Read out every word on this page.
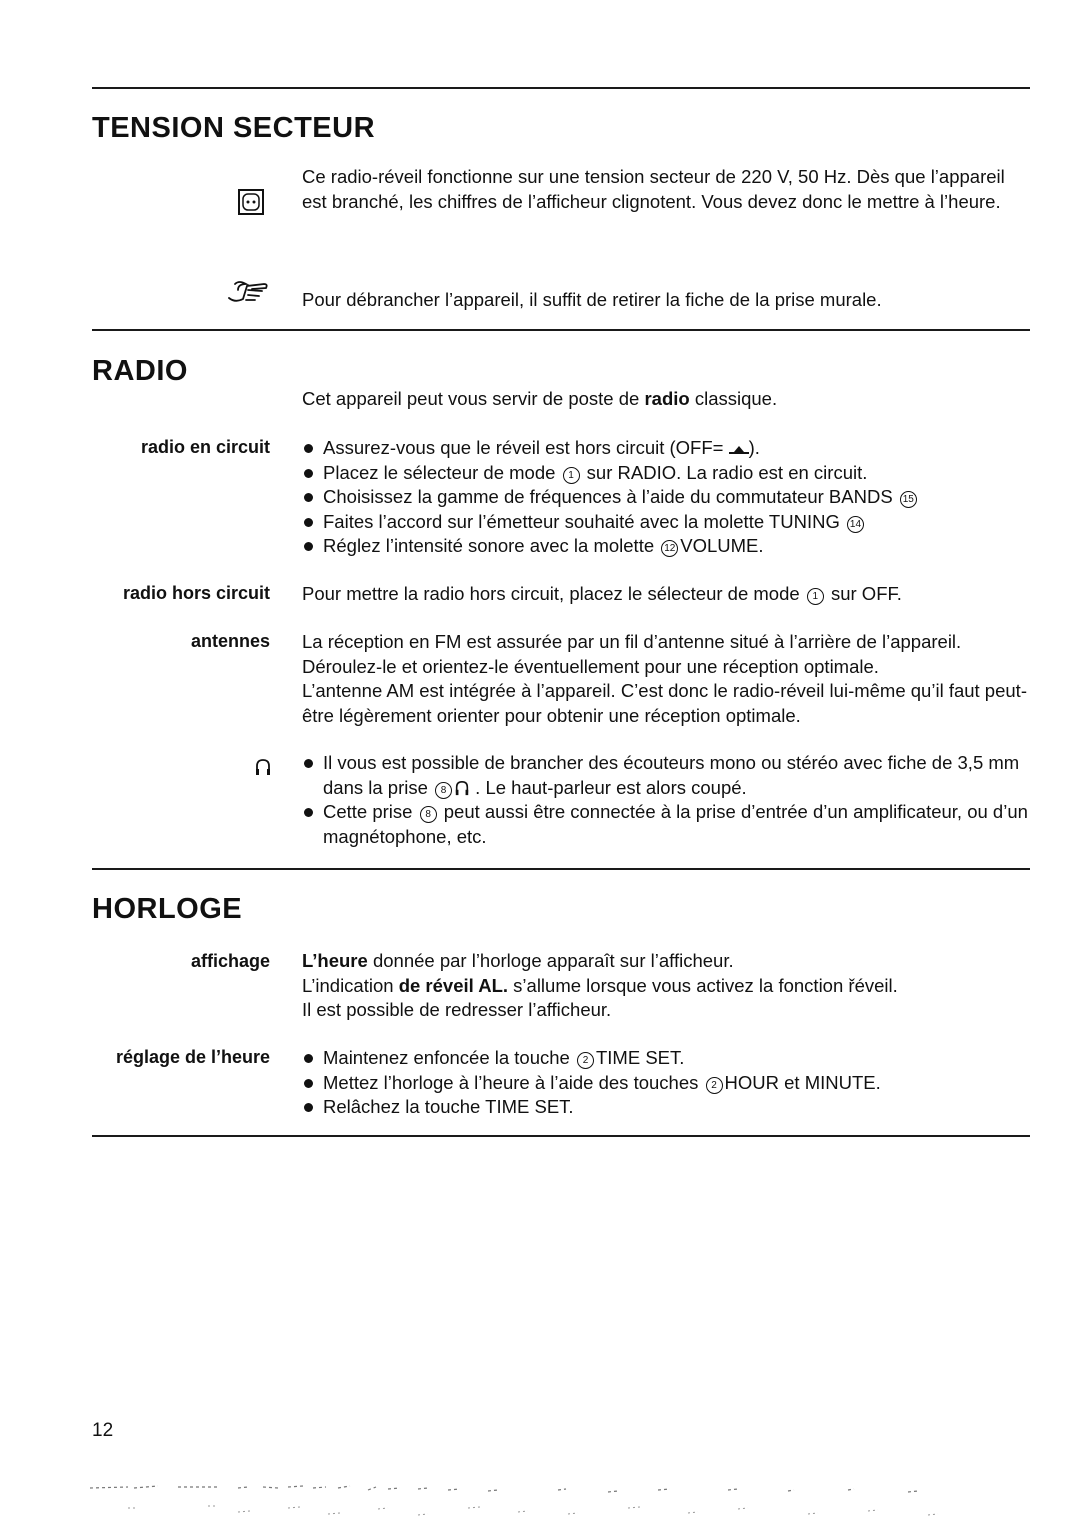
TENSION SECTEUR

Ce radio-réveil fonctionne sur une tension secteur de 220 V, 50 Hz. Dès que l’appareil est branché, les chiffres de l’afficheur clignotent. Vous devez donc le mettre à l’heure.

Pour débrancher l’appareil, il suffit de retirer la fiche de la prise murale.

RADIO

Cet appareil peut vous servir de poste de radio classique.

radio en circuit	Assurez-vous que le réveil est hors circuit (OFF= ).
Placez le sélecteur de mode 1 sur RADIO. La radio est en circuit.
Choisissez la gamme de fréquences à l’aide du commutateur BANDS 15
Faites l’accord sur l’émetteur souhaité avec la molette TUNING 14
Réglez l’intensité sonore avec la molette 12 VOLUME.
radio hors circuit Pour mettre la radio hors circuit, placez le sélecteur de mode 1 sur OFF.

antennes La réception en FM est assurée par un fil d’antenne situé à l’arrière de l’appareil.

Déroulez-le et orientez-le éventuellement pour une réception optimale.

L’antenne AM est intégrée à l’appareil. C’est donc le radio-réveil lui-même qu’il faut peut-être légèrement orienter pour obtenir une réception optimale.

Il vous est possible de brancher des écouteurs mono ou stéréo avec fiche de 3,5 mm dans la prise 8 . Le haut-parleur est alors coupé.
Cette prise 8 peut aussi être connectée à la prise d’entrée d’un amplificateur, ou d’un magnétophone, etc.
HORLOGE
affichage L’heure donnée par l’horloge apparaît sur l’afficheur.

L’indication de réveil AL. s’allume lorsque vous activez la fonction řéveil.

Il est possible de redresser l’afficheur.

réglage de l’heure	Maintenez enfoncée la touche 2 TIME SET.
Mettez l’horloge à l’heure à l’aide des touches 2 HOUR et MINUTE.
Relâchez la touche TIME SET.
12
